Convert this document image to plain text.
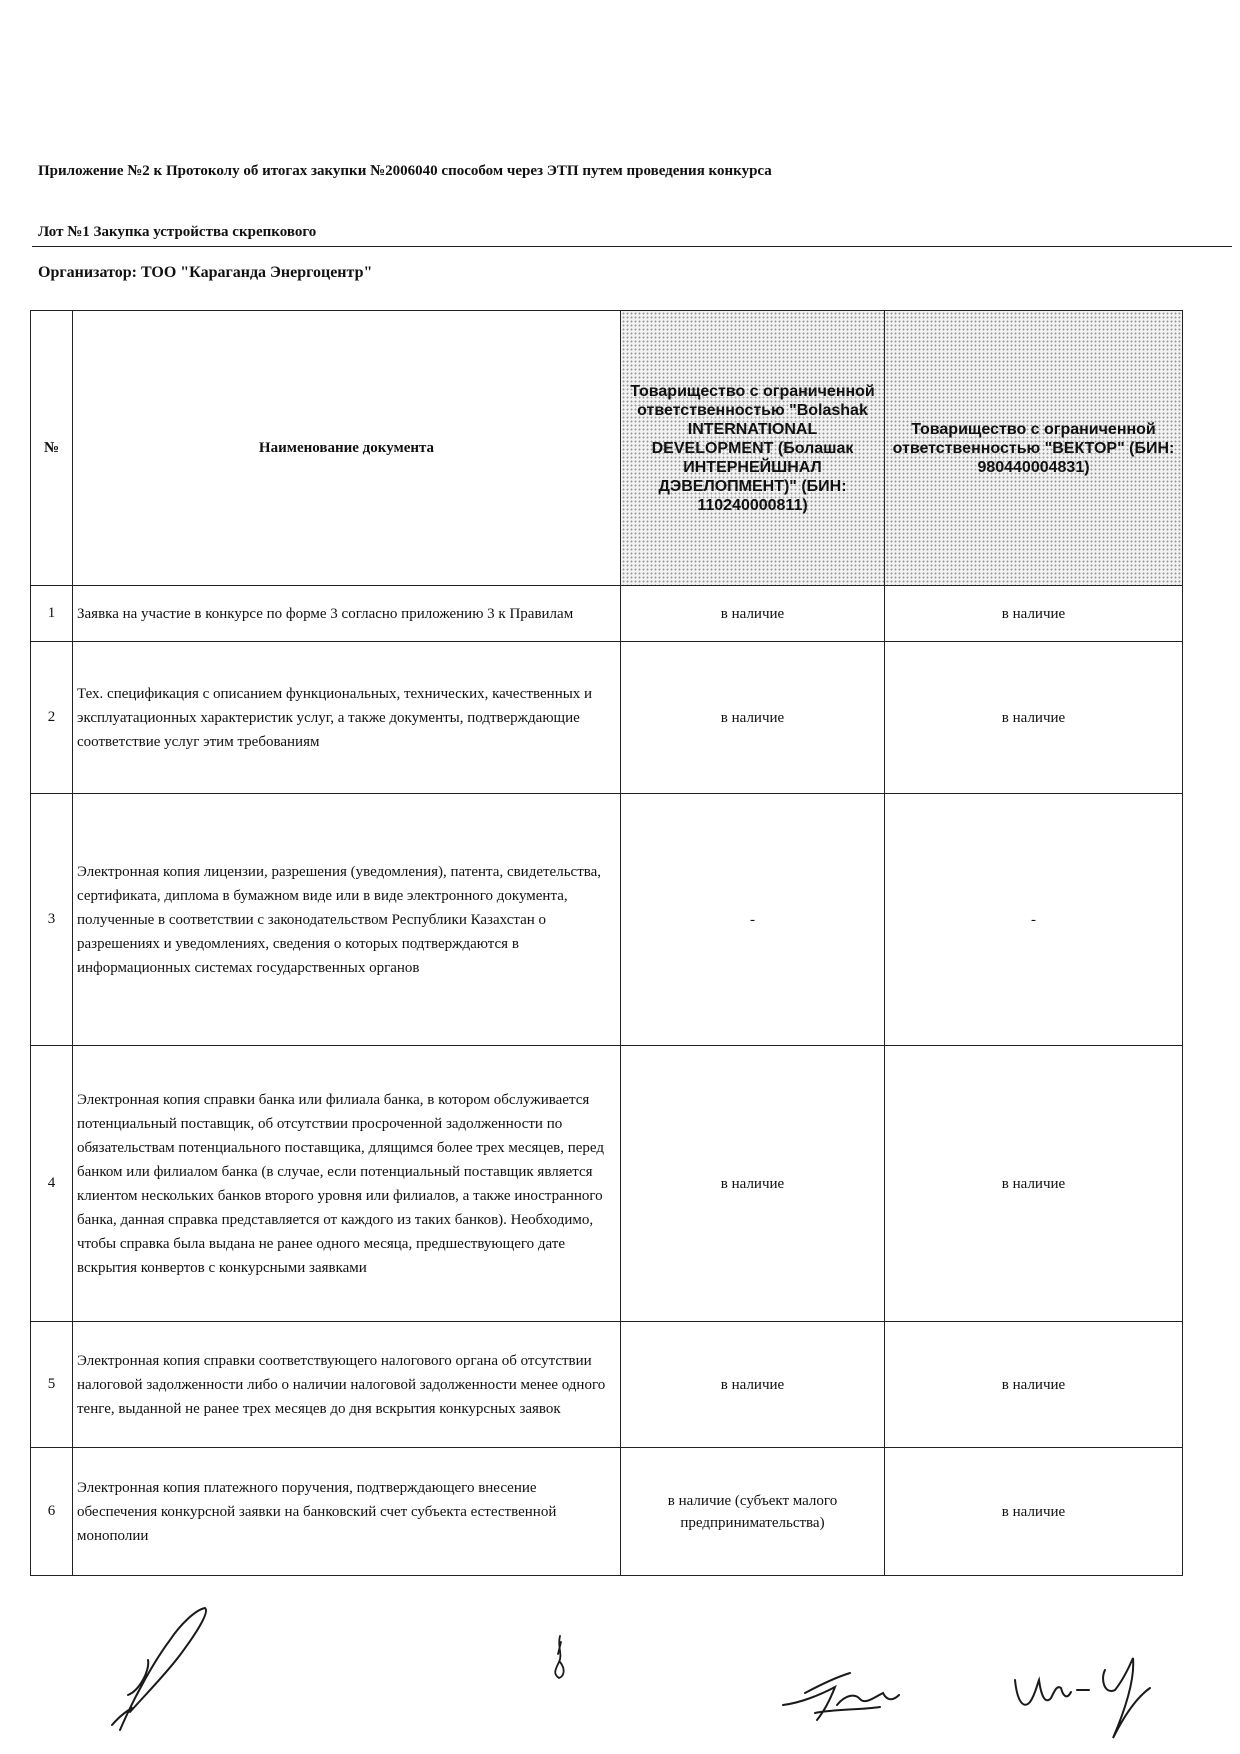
Приложение №2 к Протоколу об итогах закупки №2006040 способом через ЭТП путем проведения конкурса
Лот №1 Закупка устройства скрепкового
Организатор: ТОО "Караганда Энергоцентр"
№	Наименование документа	Товарищество с ограниченной ответственностью "Bolashak INTERNATIONAL DEVELOPMENT (Болашак ИНТЕРНЕЙШНАЛ ДЭВЕЛОПМЕНТ)" (БИН: 110240000811)	Товарищество с ограниченной ответственностью "ВЕКТОР" (БИН: 980440004831)
1	Заявка на участие в конкурсе по форме 3 согласно приложению 3 к Правилам	в наличие	в наличие
2	Тех. спецификация с описанием функциональных, технических, качественных и эксплуатационных характеристик услуг, а также документы, подтверждающие соответствие услуг этим требованиям	в наличие	в наличие
3	Электронная копия лицензии, разрешения (уведомления), патента, свидетельства, сертификата, диплома в бумажном виде или в виде электронного документа, полученные в соответствии с законодательством Республики Казахстан о разрешениях и уведомлениях, сведения о которых подтверждаются в информационных системах государственных органов	-	-
4	Электронная копия справки банка или филиала банка, в котором обслуживается потенциальный поставщик, об отсутствии просроченной задолженности по обязательствам потенциального поставщика, длящимся более трех месяцев, перед банком или филиалом банка (в случае, если потенциальный поставщик является клиентом нескольких банков второго уровня или филиалов, а также иностранного банка, данная справка представляется от каждого из таких банков). Необходимо, чтобы справка была выдана не ранее одного месяца, предшествующего дате вскрытия конвертов с конкурсными заявками	в наличие	в наличие
5	Электронная копия справки соответствующего налогового органа об отсутствии налоговой задолженности либо о наличии налоговой задолженности менее одного тенге, выданной не ранее трех месяцев до дня вскрытия конкурсных заявок	в наличие	в наличие
6	Электронная копия платежного поручения, подтверждающего внесение обеспечения конкурсной заявки на банковский счет субъекта естественной монополии	в наличие (субъект малого предпринимательства)	в наличие
